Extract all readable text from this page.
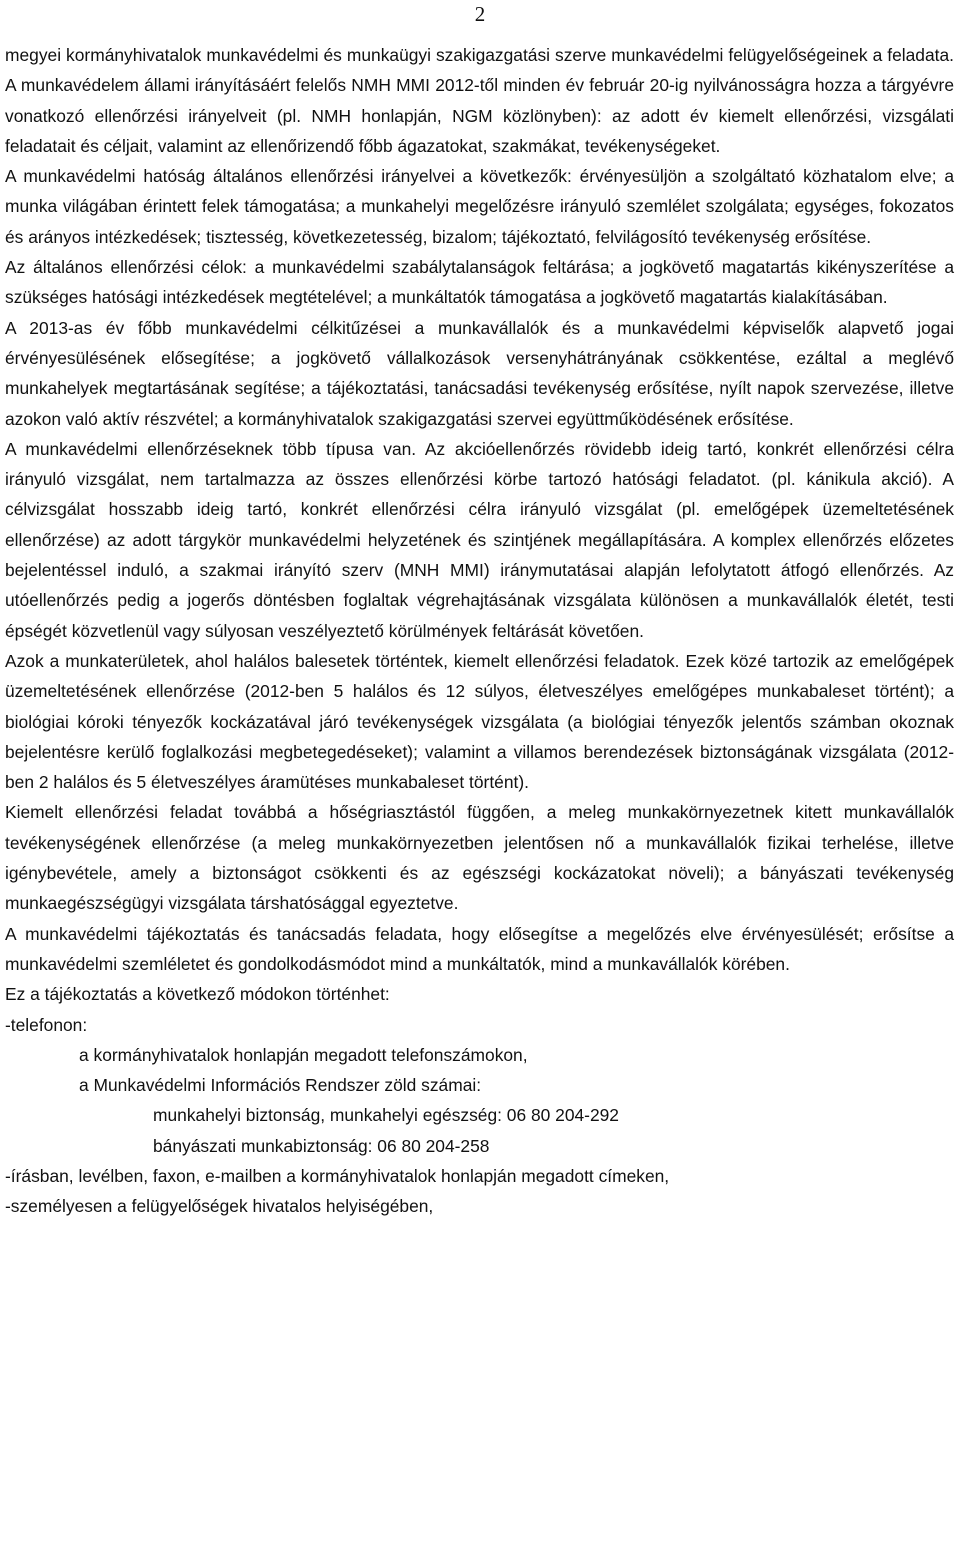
2

megyei kormányhivatalok munkavédelmi és munkaügyi szakigazgatási szerve munkavédelmi felügyelőségeinek a feladata. A munkavédelem állami irányításáért felelős NMH MMI 2012-től minden év február 20-ig nyilvánosságra hozza a tárgyévre vonatkozó ellenőrzési irányelveit (pl. NMH honlapján, NGM közlönyben): az adott év kiemelt ellenőrzési, vizsgálati feladatait és céljait, valamint az ellenőrizendő főbb ágazatokat, szakmákat, tevékenységeket.

A munkavédelmi hatóság általános ellenőrzési irányelvei a következők: érvényesüljön a szolgáltató közhatalom elve; a munka világában érintett felek támogatása; a munkahelyi megelőzésre irányuló szemlélet szolgálata; egységes, fokozatos és arányos intézkedések; tisztesség, következetesség, bizalom; tájékoztató, felvilágosító tevékenység erősítése.

Az általános ellenőrzési célok: a munkavédelmi szabálytalanságok feltárása; a jogkövető magatartás kikényszerítése a szükséges hatósági intézkedések megtételével; a munkáltatók támogatása a jogkövető magatartás kialakításában.

A 2013-as év főbb munkavédelmi célkitűzései a munkavállalók és a munkavédelmi képviselők alapvető jogai érvényesülésének elősegítése; a jogkövető vállalkozások versenyhátrányának csökkentése, ezáltal a meglévő munkahelyek megtartásának segítése; a tájékoztatási, tanácsadási tevékenység erősítése, nyílt napok szervezése, illetve azokon való aktív részvétel; a kormányhivatalok szakigazgatási szervei együttműködésének erősítése.

A munkavédelmi ellenőrzéseknek több típusa van. Az akcióellenőrzés rövidebb ideig tartó, konkrét ellenőrzési célra irányuló vizsgálat, nem tartalmazza az összes ellenőrzési körbe tartozó hatósági feladatot. (pl. kánikula akció). A célvizsgálat hosszabb ideig tartó, konkrét ellenőrzési célra irányuló vizsgálat (pl. emelőgépek üzemeltetésének ellenőrzése) az adott tárgykör munkavédelmi helyzetének és szintjének megállapítására. A komplex ellenőrzés előzetes bejelentéssel induló, a szakmai irányító szerv (MNH MMI) iránymutatásai alapján lefolytatott átfogó ellenőrzés. Az utóellenőrzés pedig a jogerős döntésben foglaltak végrehajtásának vizsgálata különösen a munkavállalók életét, testi épségét közvetlenül vagy súlyosan veszélyeztető körülmények feltárását követően.

Azok a munkaterületek, ahol halálos balesetek történtek, kiemelt ellenőrzési feladatok. Ezek közé tartozik az emelőgépek üzemeltetésének ellenőrzése (2012-ben 5 halálos és 12 súlyos, életveszélyes emelőgépes munkabaleset történt); a biológiai kóroki tényezők kockázatával járó tevékenységek vizsgálata (a biológiai tényezők jelentős számban okoznak bejelentésre kerülő foglalkozási megbetegedéseket); valamint a villamos berendezések biztonságának vizsgálata (2012-ben 2 halálos és 5 életveszélyes áramütéses munkabaleset történt).

Kiemelt ellenőrzési feladat továbbá a hőségriasztástól függően, a meleg munkakörnyezetnek kitett munkavállalók tevékenységének ellenőrzése (a meleg munkakörnyezetben jelentősen nő a munkavállalók fizikai terhelése, illetve igénybevétele, amely a biztonságot csökkenti és az egészségi kockázatokat növeli); a bányászati tevékenység munkaegészségügyi vizsgálata társhatósággal egyeztetve.

A munkavédelmi tájékoztatás és tanácsadás feladata, hogy elősegítse a megelőzés elve érvényesülését; erősítse a munkavédelmi szemléletet és gondolkodásmódot mind a munkáltatók, mind a munkavállalók körében.

Ez a tájékoztatás a következő módokon történhet:

-telefonon:

a kormányhivatalok honlapján megadott telefonszámokon,

a Munkavédelmi Információs Rendszer zöld számai:

munkahelyi biztonság, munkahelyi egészség: 06 80 204-292

bányászati munkabiztonság: 06 80 204-258

-írásban, levélben, faxon, e-mailben a kormányhivatalok honlapján megadott címeken,

-személyesen a felügyelőségek hivatalos helyiségében,
